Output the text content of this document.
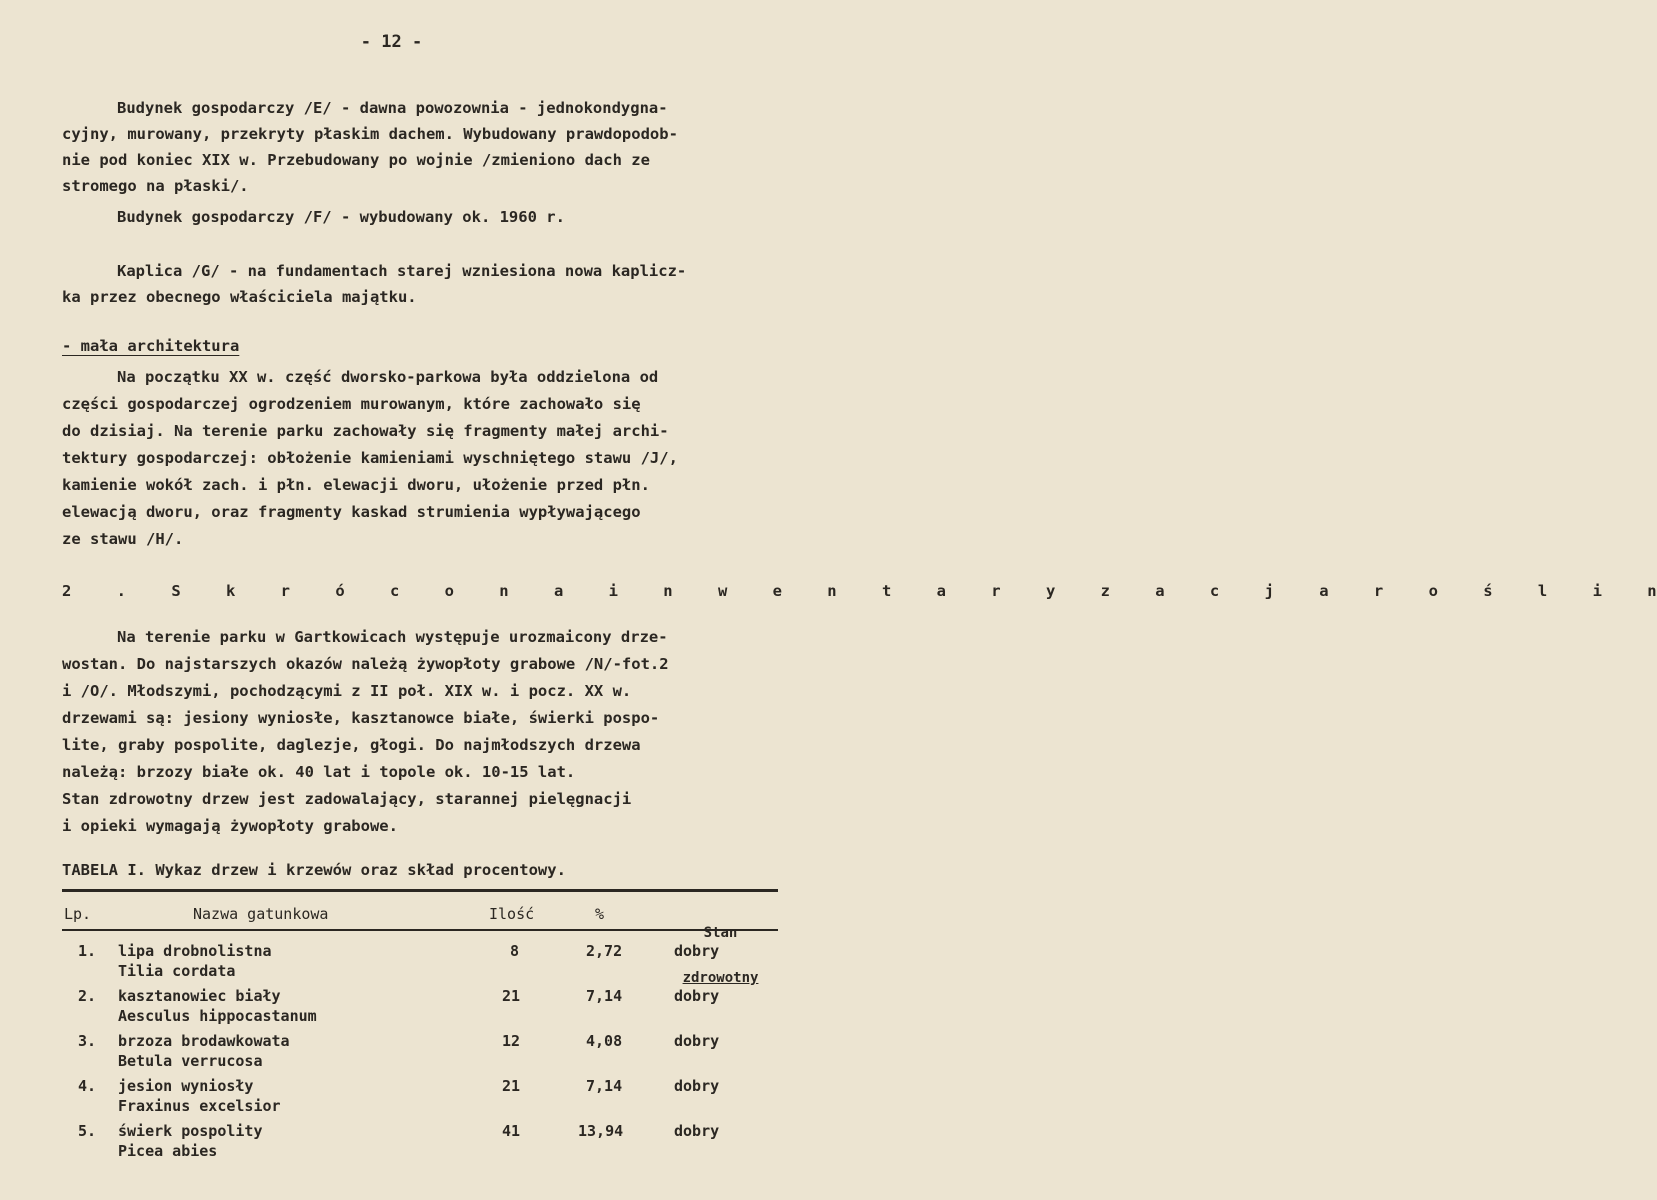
- 12 -
Budynek gospodarczy /E/ - dawna powozownia - jednokondygna-
cyjny, murowany, przekryty płaskim dachem. Wybudowany prawdopodob-
nie pod koniec XIX w. Przebudowany po wojnie /zmieniono dach ze
stromego na płaski/.
Budynek gospodarczy /F/ - wybudowany ok. 1960 r.
Kaplica /G/ - na fundamentach starej wzniesiona nowa kaplicz-
ka przez obecnego właściciela majątku.
- mała architektura
Na początku XX w. część dworsko-parkowa była oddzielona od
części gospodarczej ogrodzeniem murowanym, które zachowało się
do dzisiaj. Na terenie parku zachowały się fragmenty małej archi-
tektury gospodarczej: obłożenie kamieniami wyschniętego stawu /J/,
kamienie wokół zach. i płn. elewacji dworu, ułożenie przed płn.
elewacją dworu, oraz fragmenty kaskad strumienia wypływającego
ze stawu /H/.
2 . S k r ó c o n a i n w e n t a r y z a c j a r o ś l i n
Na terenie parku w Gartkowicach występuje urozmaicony drze-
wostan. Do najstarszych okazów należą żywopłoty grabowe /N/-fot.2
i /O/. Młodszymi, pochodzącymi z II poł. XIX w. i pocz. XX w.
drzewami są: jesiony wyniosłe, kasztanowce białe, świerki pospo-
lite, graby pospolite, daglezje, głogi. Do najmłodszych drzewa
należą: brzozy białe ok. 40 lat i topole ok. 10-15 lat.
Stan zdrowotny drzew jest zadowalający, starannej pielęgnacji
i opieki wymagają żywopłoty grabowe.
TABELA I. Wykaz drzew i krzewów oraz skład procentowy.
Lp.	Nazwa gatunkowa	Ilość	%

Stan

zdrowotny

1. lipa drobnolistna
Tilia cordata
8	2,72	dobry
2. kasztanowiec biały
Aesculus hippocastanum
21	7,14	dobry
3. brzoza brodawkowata
Betula verrucosa
12	4,08	dobry
4. jesion wyniosły
Fraxinus excelsior
21	7,14	dobry
5. świerk pospolity
Picea abies
41	13,94	dobry
